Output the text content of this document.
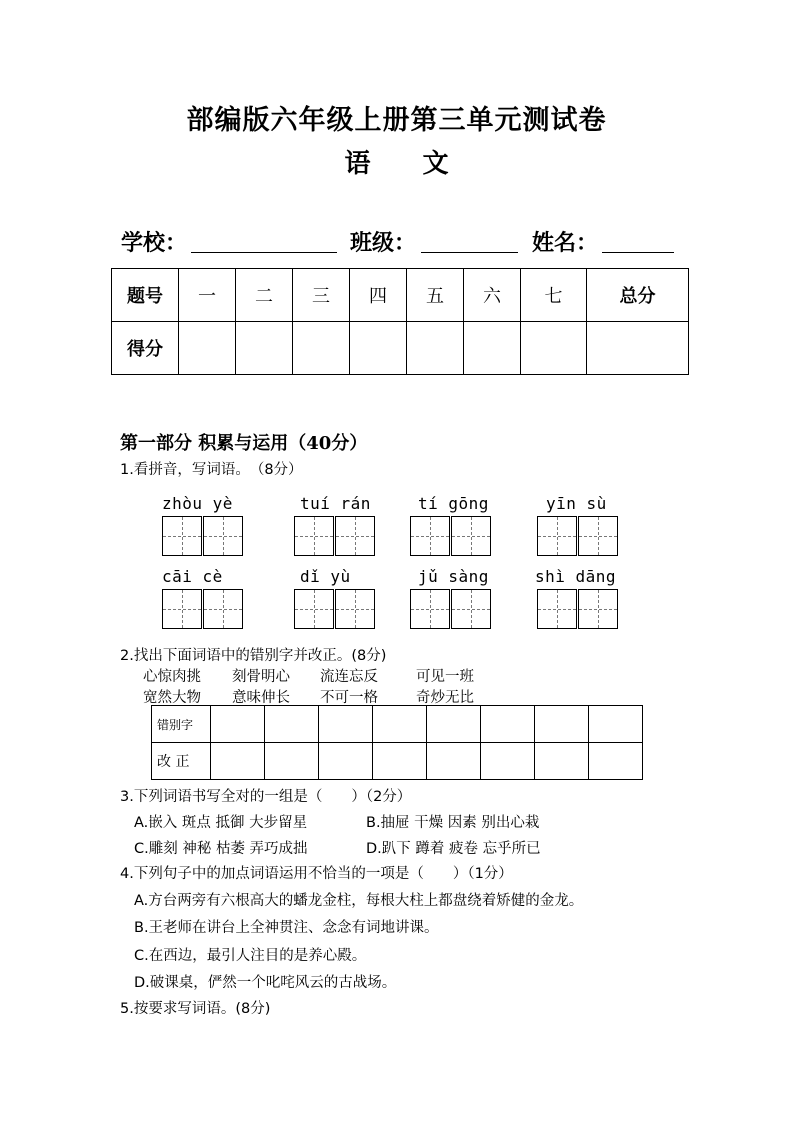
部编版六年级上册第三单元测试卷
语　　文
学校：	班级：	姓名：
题号	一	二	三	四	五	六	七	总分
得分								
第一部分 积累与运用（40分）
1.看拼音，写词语。　（8分）
zhòu yè	tuí rán	tí gōng	yīn sù
cāi cè	dǐ yù	jǔ sàng	shì dāng
2.找出下面词语中的错别字并改正。(8分)
心惊肉挑 刻骨明心 流连忘反	可见一班
宽然大物 意味伸长 不可一格	奇炒无比
错别字								
改 正								
3.下列词语书写全对的一组是（　　）（2分）
A.嵌入 斑点 抵御 大步留星	B.抽屉 干燥 因素 别出心栽
C.雕刻 神秘 枯萎 弄巧成拙	D.趴下 蹲着 疲卷 忘乎所已
4.下列句子中的加点词语运用不恰当的一项是（　　）（1分）
A.方台两旁有六根高大的蟠龙金柱，每根大柱上都盘绕着矫健的金龙。
B.王老师在讲台上全神贯注、念念有词地讲课。
C.在西边，最引人注目的是养心殿。
D.破课桌，俨然一个叱咤风云的古战场。
5.按要求写词语。(8分)
